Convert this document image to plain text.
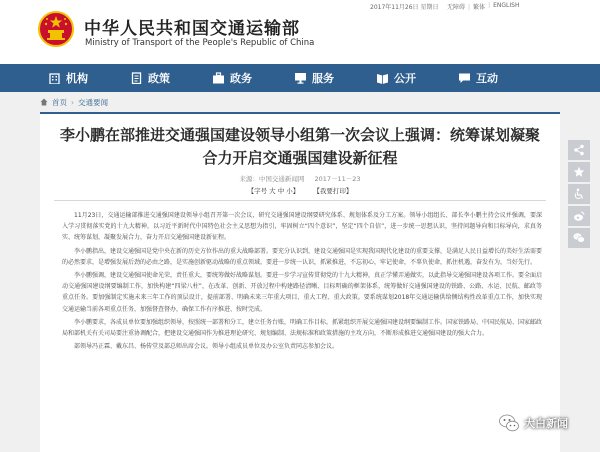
中华人民共和国交通运输部
Ministry of Transport of the People's Republic of China
2017年11月26日 星期日 无障碍	| 繁体	| ENGLISH
机构	政策	政务	服务	公开	互动
首页 › 交通要闻
李小鹏在部推进交通强国建设领导小组第一次会议上强调：统筹谋划凝聚合力开启交通强国建设新征程
来源：中国交通新闻网 2017－11－23
【字号 大 中 小】 【我要打印】

11月23日，交通运输部推进交通强国建设领导小组召开第一次会议，研究交通强国建设纲要研究体系、规划体系及分工方案。领导小组组长、部长李小鹏主持会议并强调，要深入学习贯彻落实党的十九大精神，以习近平新时代中国特色社会主义思想为指引，牢固树立“四个意识”，坚定“四个自信”，进一步统一思想认识，坚持问题导向和目标导向，求真务实、统筹谋划，凝聚发展合力，奋力开启交通强国建设新征程。

李小鹏指出，建设交通强国是党中央在新的历史方位作出的重大战略部署。要充分认识到，建设交通强国是实现我国现代化建设的重要支撑，是满足人民日益增长的美好生活需要的必然要求，是增强发展后劲的必由之路，是实施创新驱动战略的重点领域。要进一步统一认识，抓紧推进，不忘初心，牢记使命，不辜负使命，抓住机遇，奋发有为，当好先行。

李小鹏强调，建设交通强国使命光荣，责任重大，要统筹做好战略谋划。要进一步学习宣传贯彻党的十九大精神，真正学懂弄通做实，以此指导交通强国建设各项工作。要全面启动交通强国建设纲要编制工作，加快构建“四梁八柱”，在改革、创新、开放过程中构建路径清晰、目标明确的框架体系，统筹做好交通强国建设的铁路、公路、水运、民航、邮政等重点任务。要加强制定实施未来三年工作的顶层设计，提前部署、明确未来三年重大项目、重大工程、重大政策。要系统谋划2018年交通运输供给侧结构性改革重点工作，加快实现交通运输当前各项重点任务，加强督查督办，确保工作有序推进、按时完成。

李小鹏要求，各成员单位要加强组织领导，按照统一部署和分工，建立任务台账，明确工作目标，抓紧组织开展交通强国建设纲要编制工作。国家铁路局、中国民航局、国家邮政局和部机关有关司局要注重协调配合，把建设交通强国作为推进理论研究、规划编制、法规标准和政策措施的主攻方向，不断形成推进交通强国建设的强大合力。

部领导冯正霖、戴东昌、杨传堂及部总师出席会议。领导小组成员单位及办公室负责同志参加会议。

大白新闻
